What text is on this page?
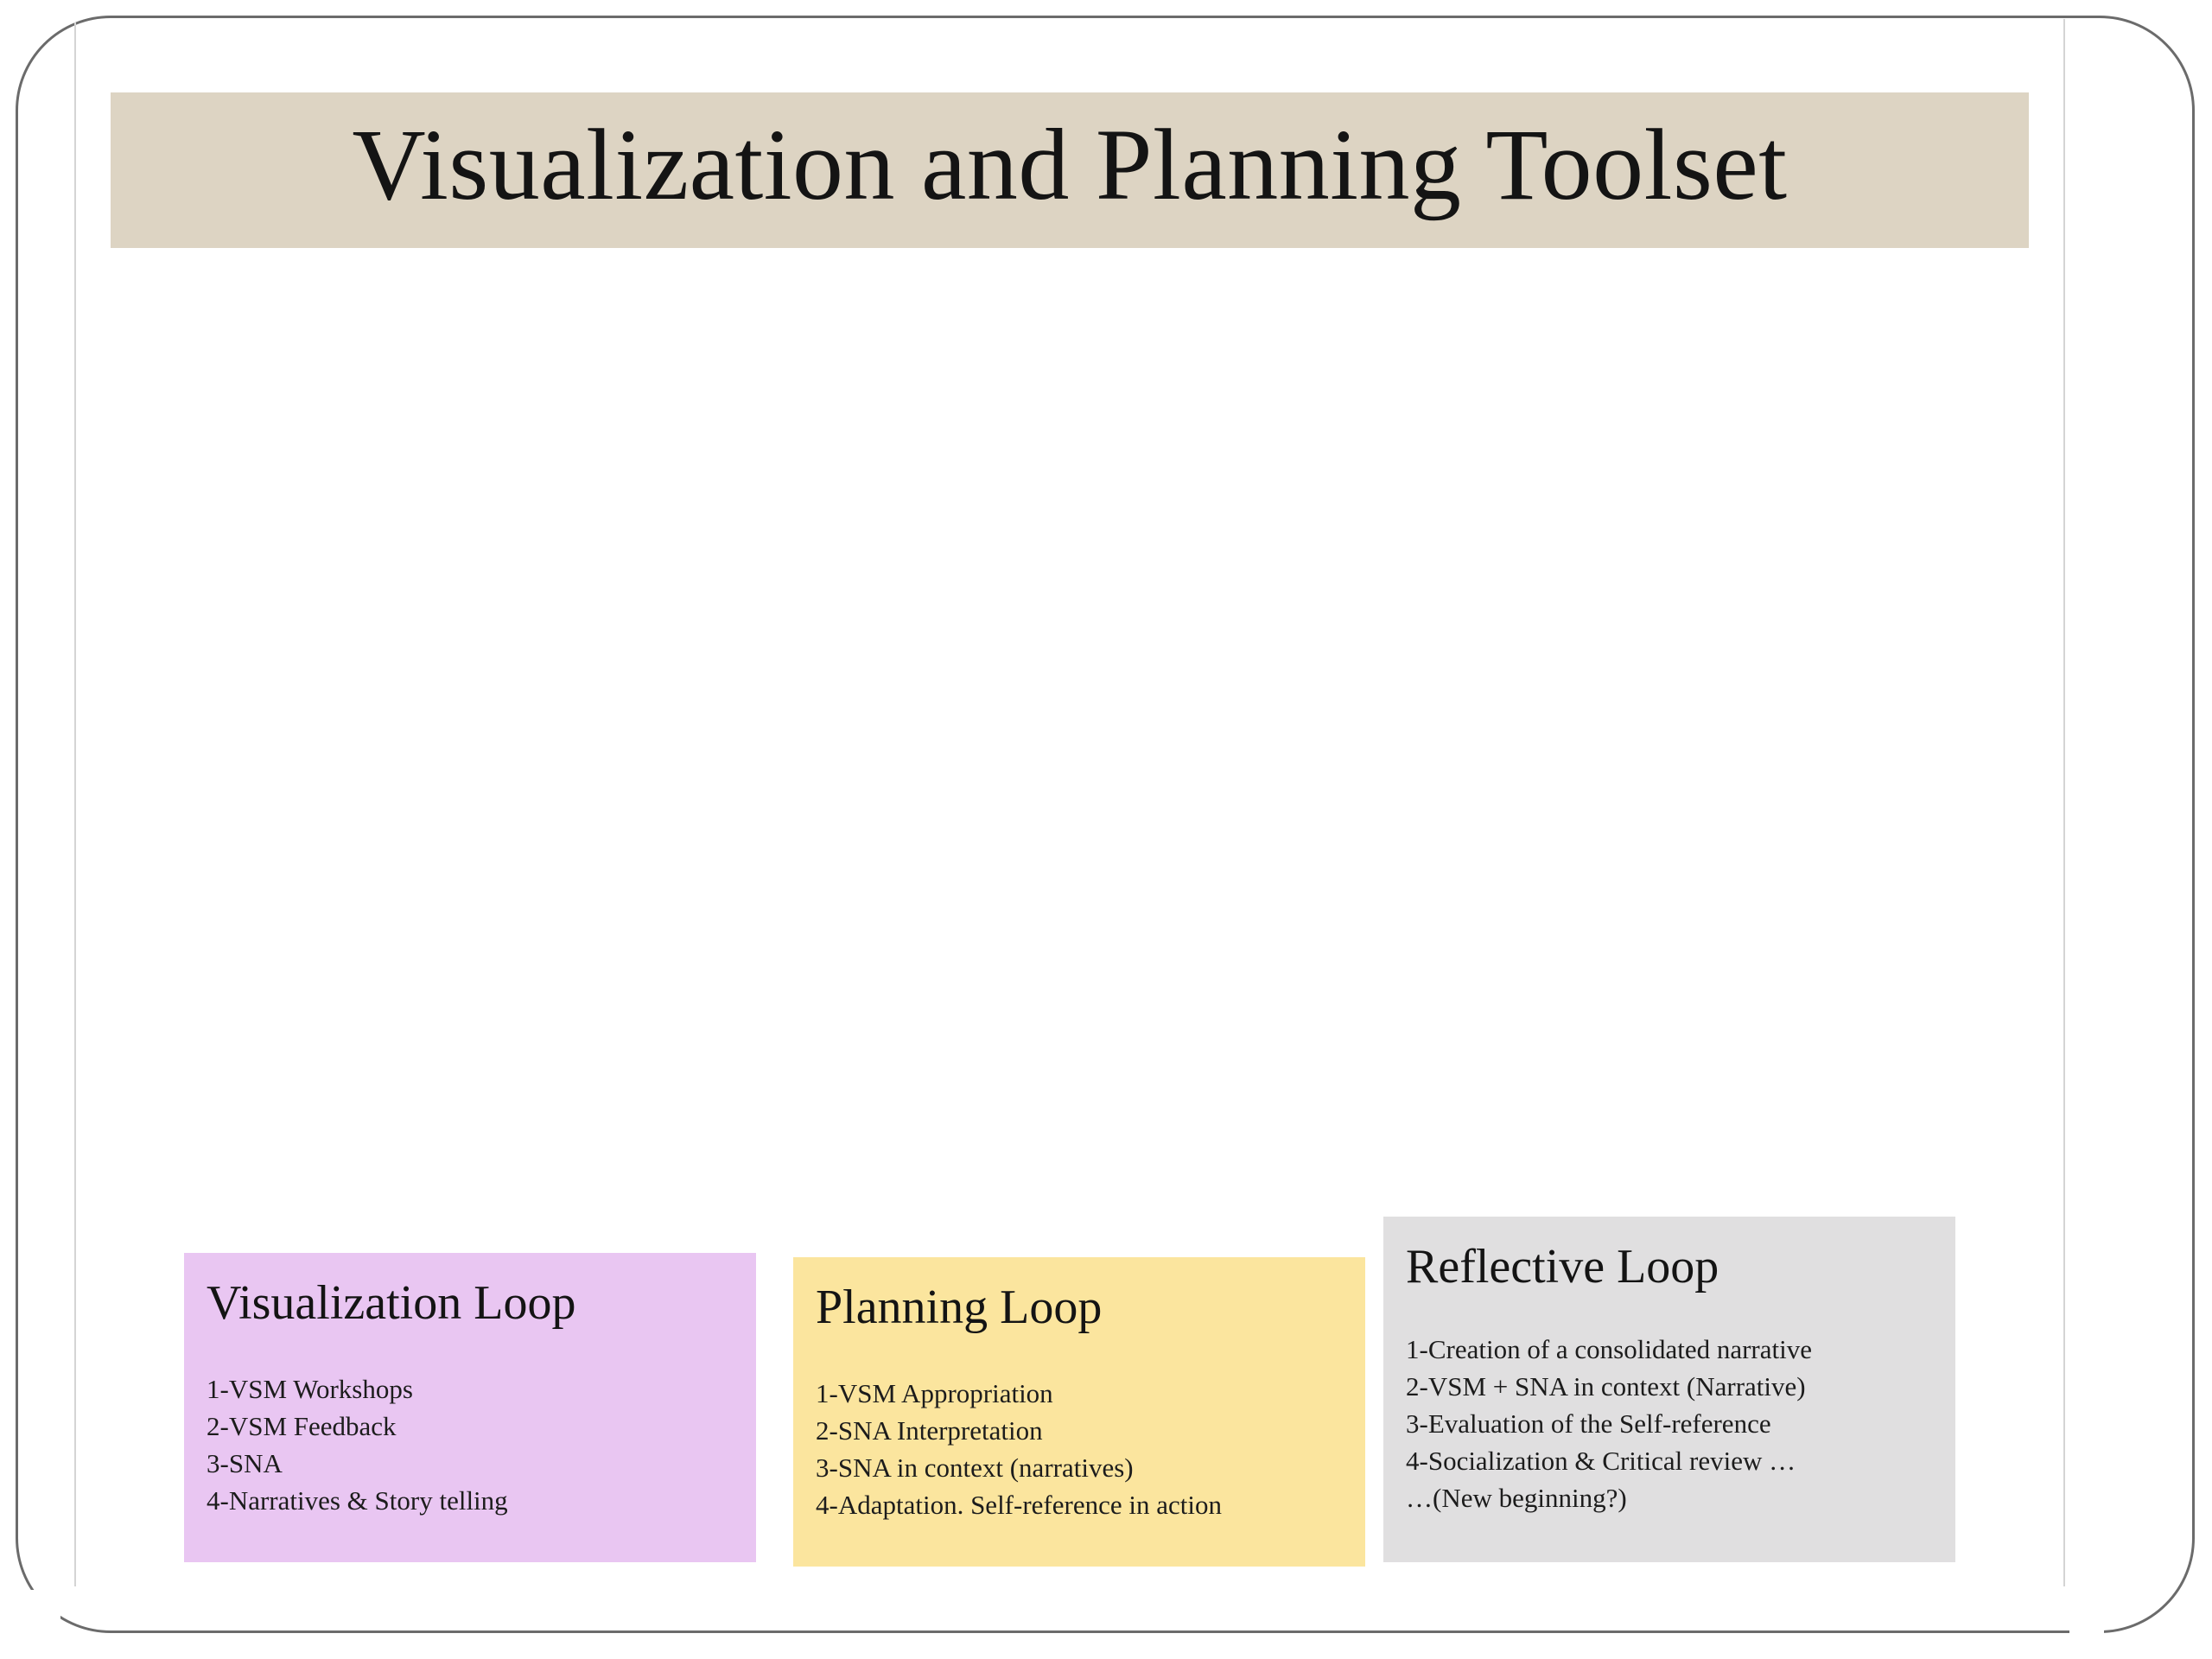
Visualization and Planning Toolset
Visualization Loop
1-VSM Workshops
2-VSM Feedback
3-SNA
4-Narratives & Story telling
Planning Loop
1-VSM Appropriation
2-SNA Interpretation
3-SNA in context (narratives)
4-Adaptation. Self-reference in action
Reflective Loop
1-Creation of a consolidated narrative
2-VSM + SNA in context (Narrative)
3-Evaluation of the Self-reference
4-Socialization & Critical review …
…(New beginning?)
